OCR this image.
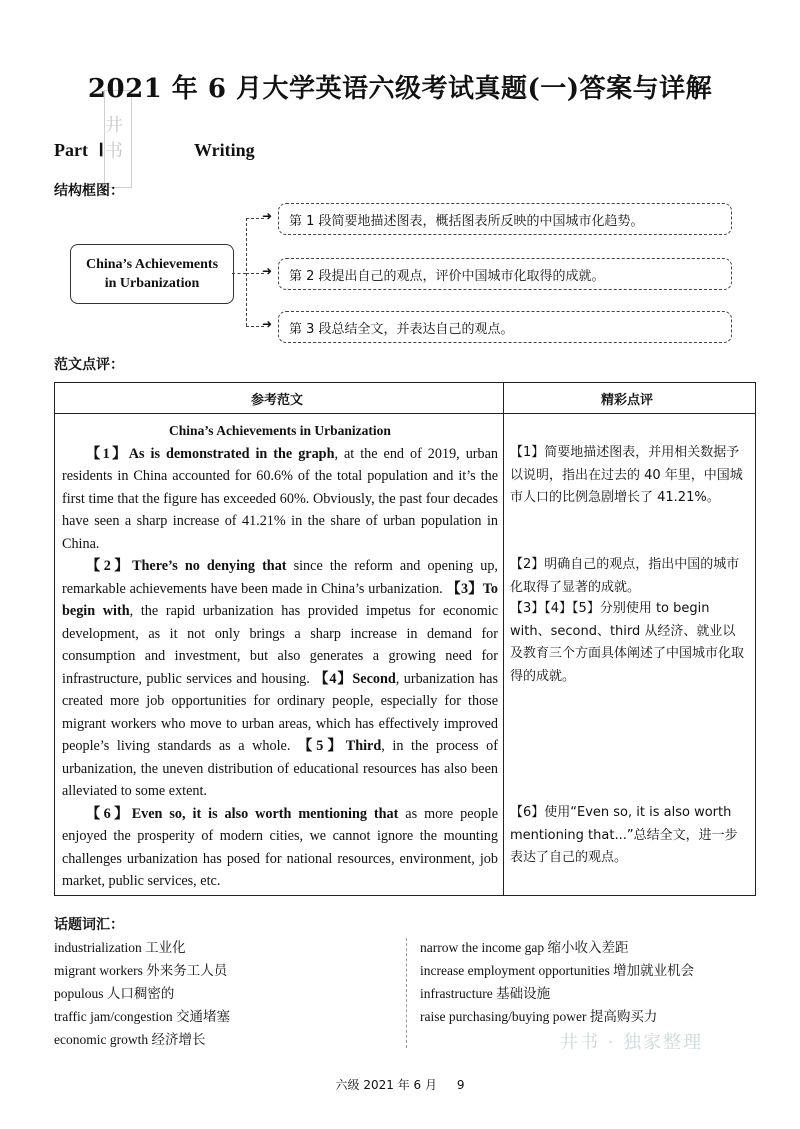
井书
2021 年 6 月大学英语六级考试真题(一)答案与详解
Part Ⅰ	Writing
结构框图：
China’s Achievements
in Urbanization
➜
➜
➜
第 1 段简要地描述图表，概括图表所反映的中国城市化趋势。
第 2 段提出自己的观点，评价中国城市化取得的成就。
第 3 段总结全文，并表达自己的观点。
范文点评：
参考范文	精彩点评

China’s Achievements in Urbanization

【1】As is demonstrated in the graph, at the end of 2019, urban residents in China accounted for 60.6% of the total population and it’s the first time that the figure has exceeded 60%. Obviously, the past four decades have seen a sharp increase of 41.21% in the share of urban population in China.

【2】There’s no denying that since the reform and opening up, remarkable achievements have been made in China’s urbanization. 【3】To begin with, the rapid urbanization has provided impetus for economic development, as it not only brings a sharp increase in demand for consumption and investment, but also generates a growing need for infrastructure, public services and housing. 【4】Second, urbanization has created more job opportunities for ordinary people, especially for those migrant workers who move to urban areas, which has effectively improved people’s living standards as a whole. 【5】Third, in the process of urbanization, the uneven distribution of educational resources has also been alleviated to some extent.

【6】Even so, it is also worth mentioning that as more people enjoyed the prosperity of modern cities, we cannot ignore the mounting challenges urbanization has posed for national resources, environment, job market, public services, etc.

【1】简要地描述图表，并用相关数据予以说明，指出在过去的 40 年里，中国城市人口的比例急剧增长了 41.21%。
【2】明确自己的观点，指出中国的城市化取得了显著的成就。
【3】【4】【5】分别使用 to begin with、second、third 从经济、就业以及教育三个方面具体阐述了中国城市化取得的成就。
【6】使用“Even so, it is also worth mentioning that...”总结全文，进一步表达了自己的观点。
话题词汇：
industrialization 工业化
migrant workers 外来务工人员
populous 人口稠密的
traffic jam/congestion 交通堵塞
economic growth 经济增长
narrow the income gap 缩小收入差距
increase employment opportunities 增加就业机会
infrastructure 基础设施
raise purchasing/buying power 提高购买力
井书 · 独家整理
六级 2021 年 6 月 9
